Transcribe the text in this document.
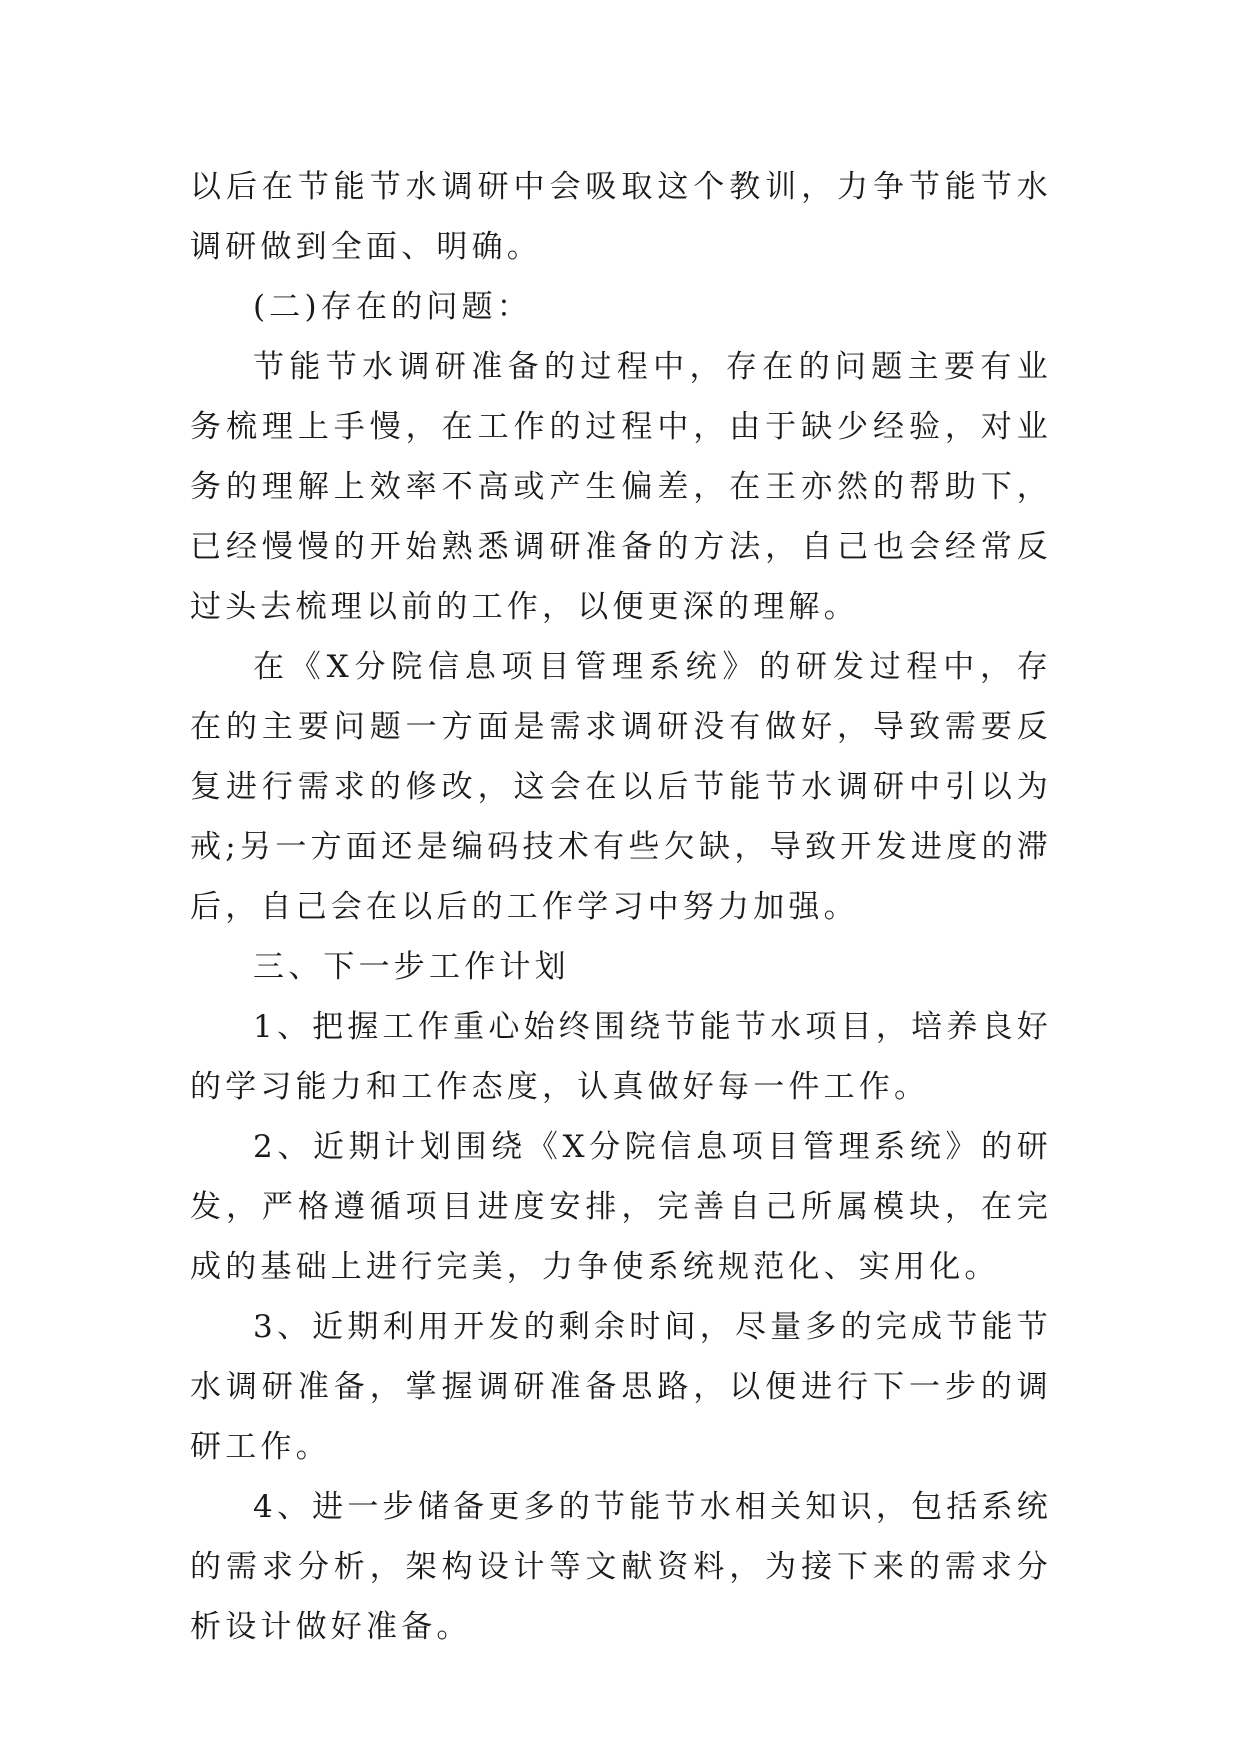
以后在节能节水调研中会吸取这个教训，力争节能节水调研做到全面、明确。

(二)存在的问题：

节能节水调研准备的过程中，存在的问题主要有业务梳理上手慢，在工作的过程中，由于缺少经验，对业务的理解上效率不高或产生偏差，在王亦然的帮助下，已经慢慢的开始熟悉调研准备的方法，自己也会经常反过头去梳理以前的工作，以便更深的理解。

在《X分院信息项目管理系统》的研发过程中，存在的主要问题一方面是需求调研没有做好，导致需要反复进行需求的修改，这会在以后节能节水调研中引以为戒;另一方面还是编码技术有些欠缺，导致开发进度的滞后，自己会在以后的工作学习中努力加强。

三、下一步工作计划

1、把握工作重心始终围绕节能节水项目，培养良好的学习能力和工作态度，认真做好每一件工作。

2、近期计划围绕《X分院信息项目管理系统》的研发，严格遵循项目进度安排，完善自己所属模块，在完成的基础上进行完美，力争使系统规范化、实用化。

3、近期利用开发的剩余时间，尽量多的完成节能节水调研准备，掌握调研准备思路，以便进行下一步的调研工作。

4、进一步储备更多的节能节水相关知识，包括系统的需求分析，架构设计等文献资料，为接下来的需求分析设计做好准备。
